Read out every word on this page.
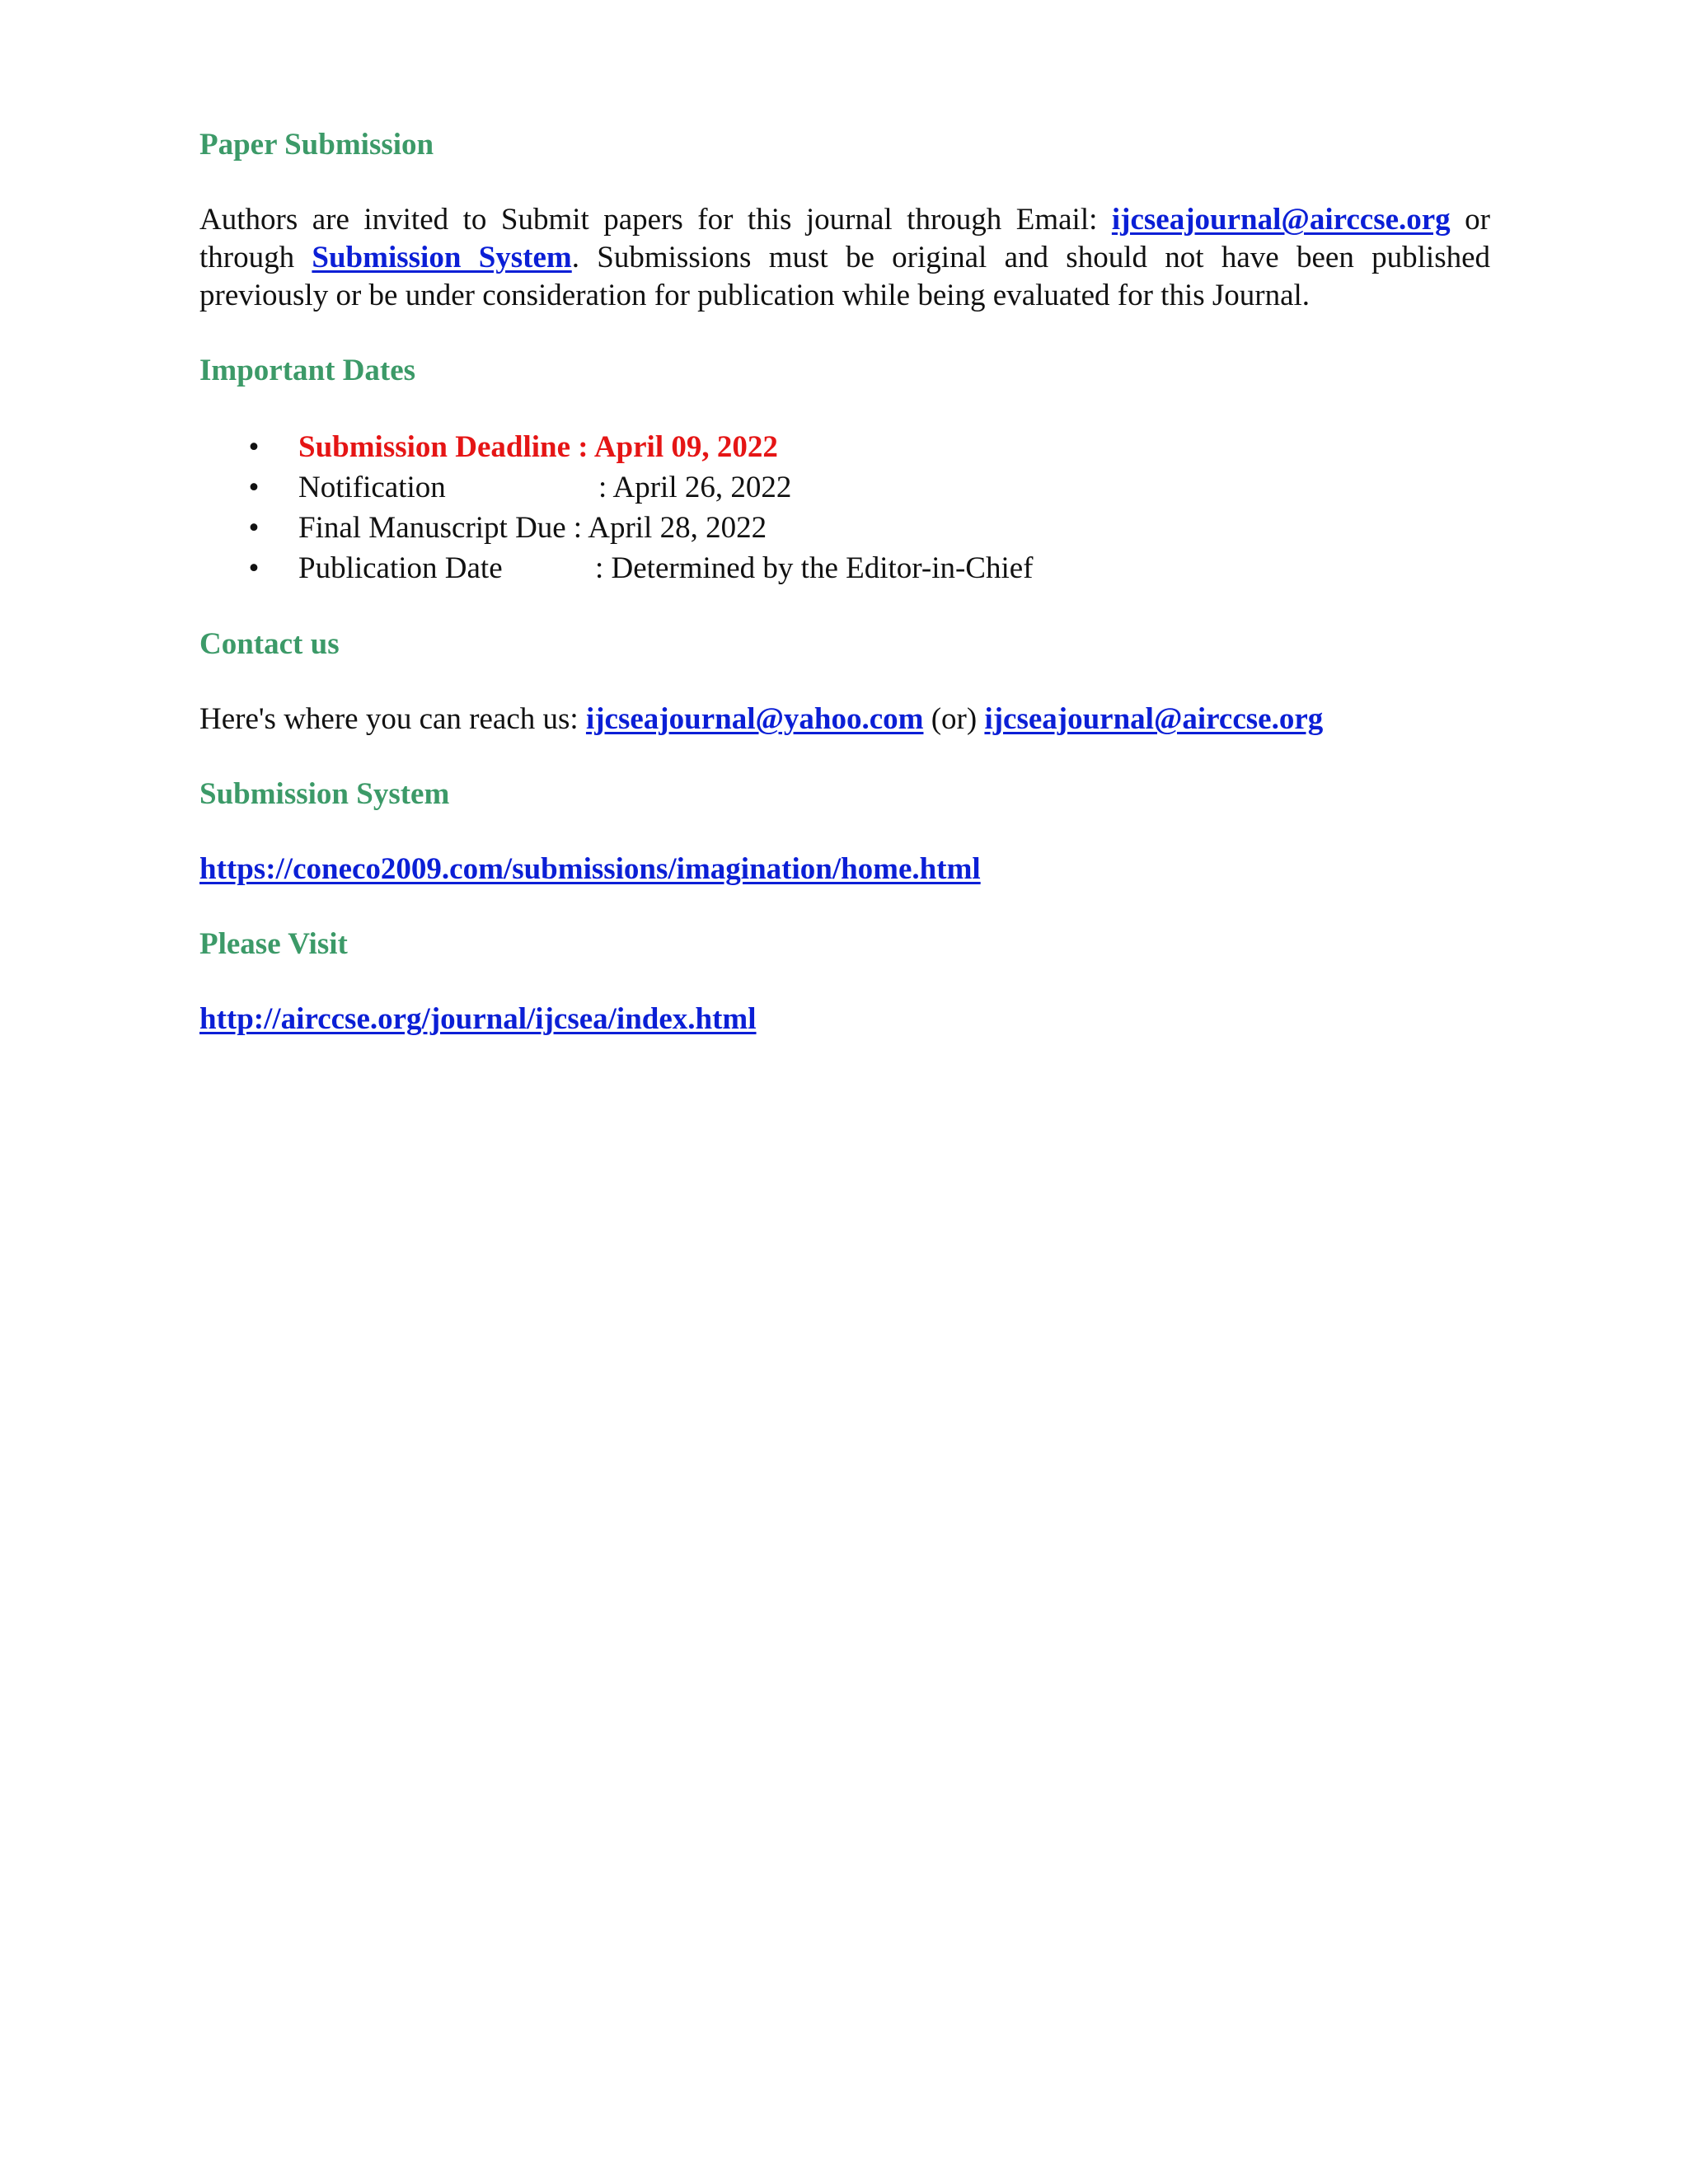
Paper Submission

Authors are invited to Submit papers for this journal through Email: ijcseajournal@airccse.org or through Submission System. Submissions must be original and should not have been published previously or be under consideration for publication while being evaluated for this Journal.

Important Dates
• Submission Deadline : April 09, 2022
• Notification	: April 26, 2022
• Final Manuscript Due : April 28, 2022
• Publication Date	: Determined by the Editor-in-Chief
Contact us

Here's where you can reach us: ijcseajournal@yahoo.com (or) ijcseajournal@airccse.org

Submission System

https://coneco2009.com/submissions/imagination/home.html

Please Visit

http://airccse.org/journal/ijcsea/index.html
